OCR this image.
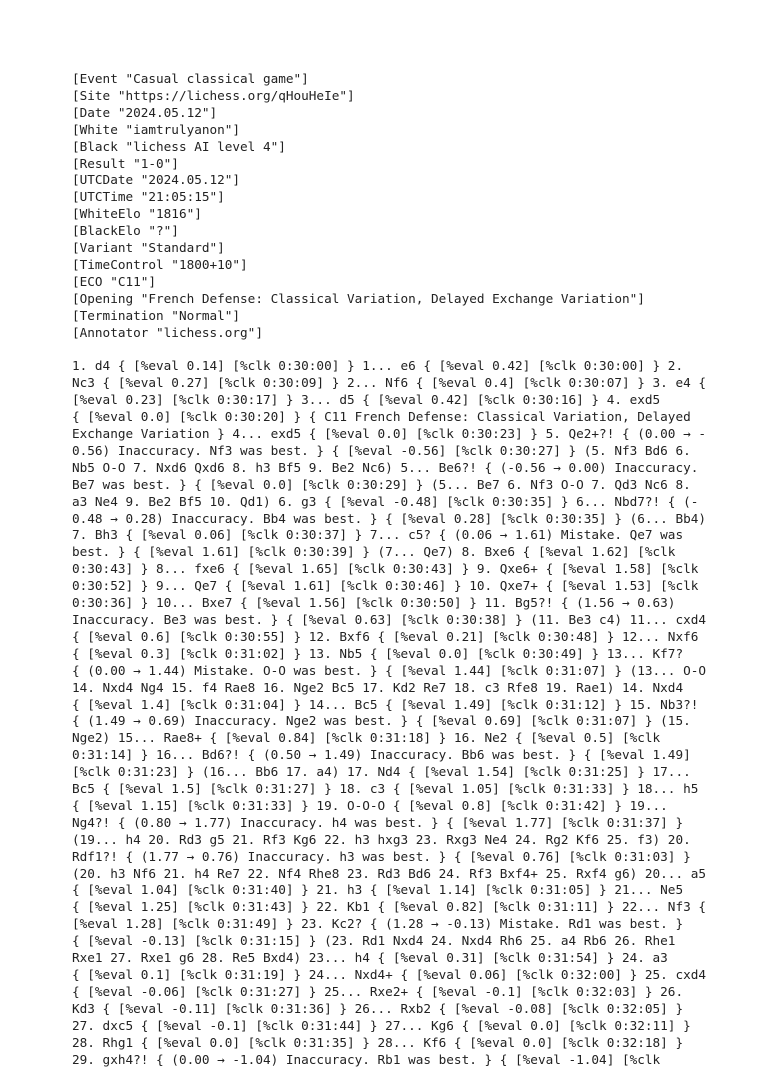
[Event "Casual classical game"]
[Site "https://lichess.org/qHouHeIe"]
[Date "2024.05.12"]
[White "iamtrulyanon"]
[Black "lichess AI level 4"]
[Result "1-0"]
[UTCDate "2024.05.12"]
[UTCTime "21:05:15"]
[WhiteElo "1816"]
[BlackElo "?"]
[Variant "Standard"]
[TimeControl "1800+10"]
[ECO "C11"]
[Opening "French Defense: Classical Variation, Delayed Exchange Variation"]
[Termination "Normal"]
[Annotator "lichess.org"]
1. d4 { [%eval 0.14] [%clk 0:30:00] } 1... e6 { [%eval 0.42] [%clk 0:30:00] } 2.
Nc3 { [%eval 0.27] [%clk 0:30:09] } 2... Nf6 { [%eval 0.4] [%clk 0:30:07] } 3. e4 {
[%eval 0.23] [%clk 0:30:17] } 3... d5 { [%eval 0.42] [%clk 0:30:16] } 4. exd5
{ [%eval 0.0] [%clk 0:30:20] } { C11 French Defense: Classical Variation, Delayed
Exchange Variation } 4... exd5 { [%eval 0.0] [%clk 0:30:23] } 5. Qe2+?! { (0.00 → -
0.56) Inaccuracy. Nf3 was best. } { [%eval -0.56] [%clk 0:30:27] } (5. Nf3 Bd6 6.
Nb5 O-O 7. Nxd6 Qxd6 8. h3 Bf5 9. Be2 Nc6) 5... Be6?! { (-0.56 → 0.00) Inaccuracy.
Be7 was best. } { [%eval 0.0] [%clk 0:30:29] } (5... Be7 6. Nf3 O-O 7. Qd3 Nc6 8.
a3 Ne4 9. Be2 Bf5 10. Qd1) 6. g3 { [%eval -0.48] [%clk 0:30:35] } 6... Nbd7?! { (-
0.48 → 0.28) Inaccuracy. Bb4 was best. } { [%eval 0.28] [%clk 0:30:35] } (6... Bb4)
7. Bh3 { [%eval 0.06] [%clk 0:30:37] } 7... c5? { (0.06 → 1.61) Mistake. Qe7 was
best. } { [%eval 1.61] [%clk 0:30:39] } (7... Qe7) 8. Bxe6 { [%eval 1.62] [%clk
0:30:43] } 8... fxe6 { [%eval 1.65] [%clk 0:30:43] } 9. Qxe6+ { [%eval 1.58] [%clk
0:30:52] } 9... Qe7 { [%eval 1.61] [%clk 0:30:46] } 10. Qxe7+ { [%eval 1.53] [%clk
0:30:36] } 10... Bxe7 { [%eval 1.56] [%clk 0:30:50] } 11. Bg5?! { (1.56 → 0.63)
Inaccuracy. Be3 was best. } { [%eval 0.63] [%clk 0:30:38] } (11. Be3 c4) 11... cxd4
{ [%eval 0.6] [%clk 0:30:55] } 12. Bxf6 { [%eval 0.21] [%clk 0:30:48] } 12... Nxf6
{ [%eval 0.3] [%clk 0:31:02] } 13. Nb5 { [%eval 0.0] [%clk 0:30:49] } 13... Kf7?
{ (0.00 → 1.44) Mistake. O-O was best. } { [%eval 1.44] [%clk 0:31:07] } (13... O-O
14. Nxd4 Ng4 15. f4 Rae8 16. Nge2 Bc5 17. Kd2 Re7 18. c3 Rfe8 19. Rae1) 14. Nxd4
{ [%eval 1.4] [%clk 0:31:04] } 14... Bc5 { [%eval 1.49] [%clk 0:31:12] } 15. Nb3?!
{ (1.49 → 0.69) Inaccuracy. Nge2 was best. } { [%eval 0.69] [%clk 0:31:07] } (15.
Nge2) 15... Rae8+ { [%eval 0.84] [%clk 0:31:18] } 16. Ne2 { [%eval 0.5] [%clk
0:31:14] } 16... Bd6?! { (0.50 → 1.49) Inaccuracy. Bb6 was best. } { [%eval 1.49]
[%clk 0:31:23] } (16... Bb6 17. a4) 17. Nd4 { [%eval 1.54] [%clk 0:31:25] } 17...
Bc5 { [%eval 1.5] [%clk 0:31:27] } 18. c3 { [%eval 1.05] [%clk 0:31:33] } 18... h5
{ [%eval 1.15] [%clk 0:31:33] } 19. O-O-O { [%eval 0.8] [%clk 0:31:42] } 19...
Ng4?! { (0.80 → 1.77) Inaccuracy. h4 was best. } { [%eval 1.77] [%clk 0:31:37] }
(19... h4 20. Rd3 g5 21. Rf3 Kg6 22. h3 hxg3 23. Rxg3 Ne4 24. Rg2 Kf6 25. f3) 20.
Rdf1?! { (1.77 → 0.76) Inaccuracy. h3 was best. } { [%eval 0.76] [%clk 0:31:03] }
(20. h3 Nf6 21. h4 Re7 22. Nf4 Rhe8 23. Rd3 Bd6 24. Rf3 Bxf4+ 25. Rxf4 g6) 20... a5
{ [%eval 1.04] [%clk 0:31:40] } 21. h3 { [%eval 1.14] [%clk 0:31:05] } 21... Ne5
{ [%eval 1.25] [%clk 0:31:43] } 22. Kb1 { [%eval 0.82] [%clk 0:31:11] } 22... Nf3 {
[%eval 1.28] [%clk 0:31:49] } 23. Kc2? { (1.28 → -0.13) Mistake. Rd1 was best. }
{ [%eval -0.13] [%clk 0:31:15] } (23. Rd1 Nxd4 24. Nxd4 Rh6 25. a4 Rb6 26. Rhe1
Rxe1 27. Rxe1 g6 28. Re5 Bxd4) 23... h4 { [%eval 0.31] [%clk 0:31:54] } 24. a3
{ [%eval 0.1] [%clk 0:31:19] } 24... Nxd4+ { [%eval 0.06] [%clk 0:32:00] } 25. cxd4
{ [%eval -0.06] [%clk 0:31:27] } 25... Rxe2+ { [%eval -0.1] [%clk 0:32:03] } 26.
Kd3 { [%eval -0.11] [%clk 0:31:36] } 26... Rxb2 { [%eval -0.08] [%clk 0:32:05] }
27. dxc5 { [%eval -0.1] [%clk 0:31:44] } 27... Kg6 { [%eval 0.0] [%clk 0:32:11] }
28. Rhg1 { [%eval 0.0] [%clk 0:31:35] } 28... Kf6 { [%eval 0.0] [%clk 0:32:18] }
29. gxh4?! { (0.00 → -1.04) Inaccuracy. Rb1 was best. } { [%eval -1.04] [%clk
